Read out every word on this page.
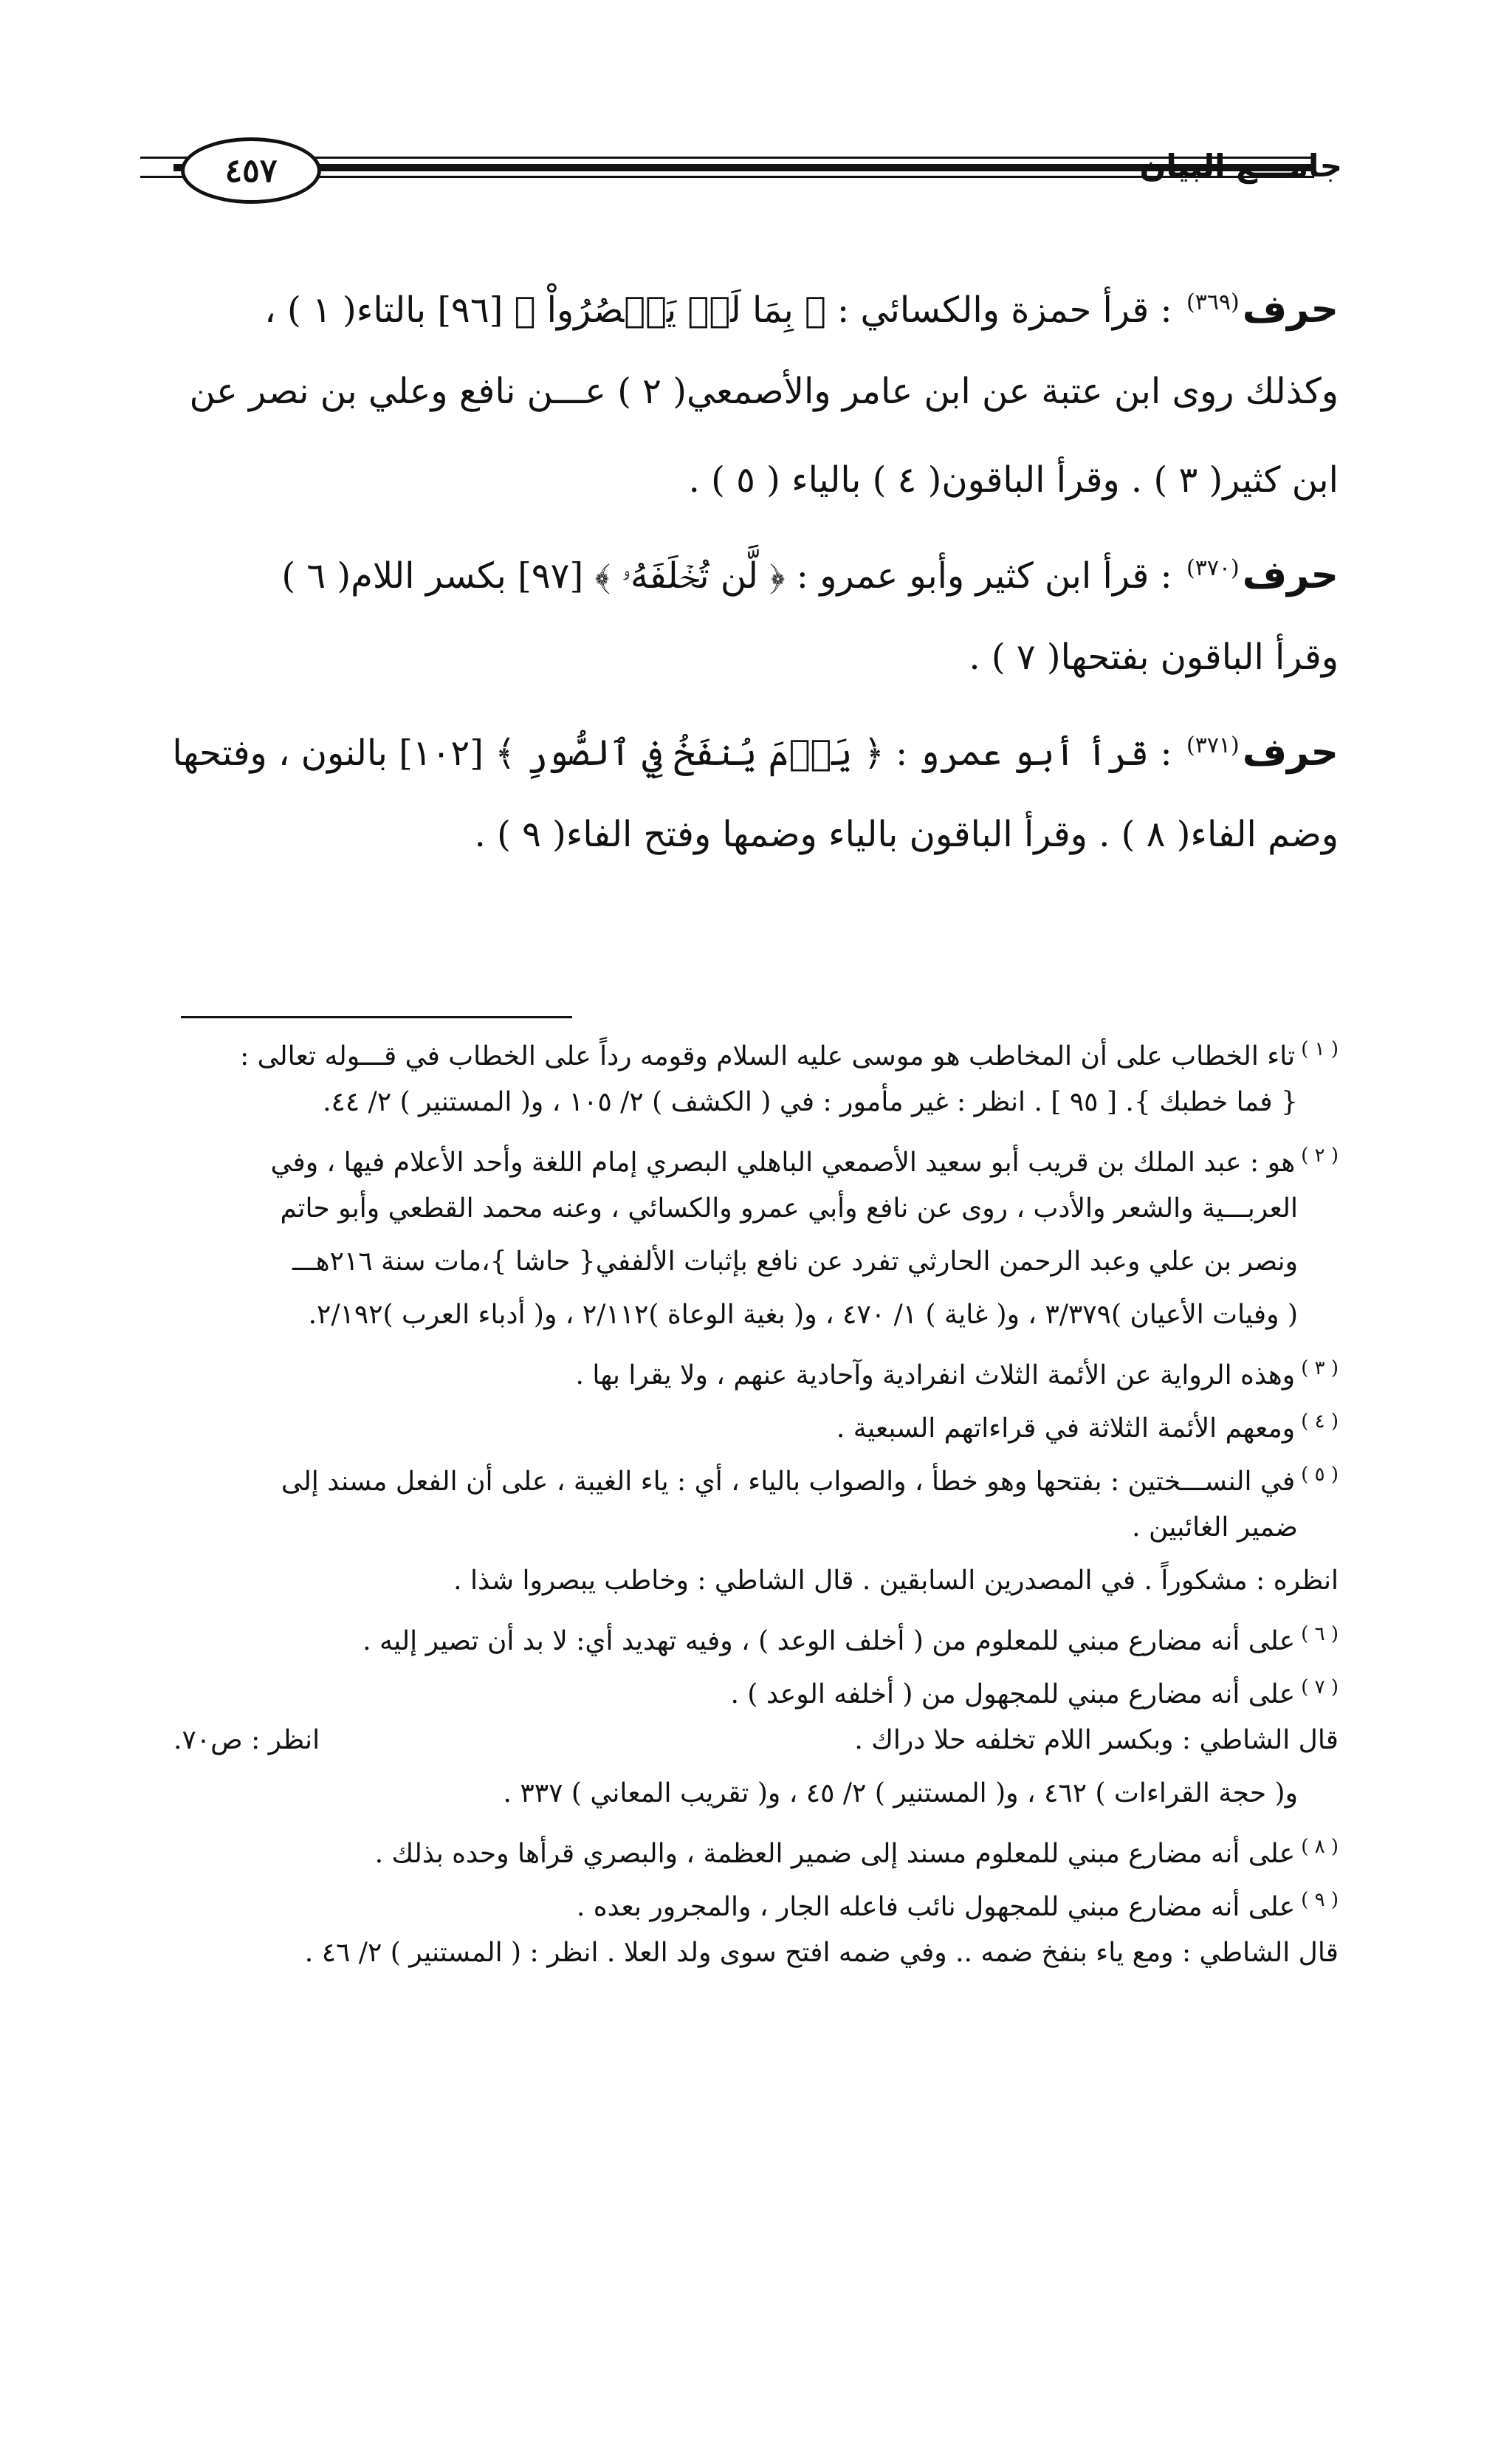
٤٥٧	جامـــع البيان
حرف$^{(٣٦٩)}$ : قرأ حمزة والكسائي : ﴿ بِمَا لَمۡ يَبۡصُرُواْ ﴾ [٩٦] بالتاء( ١ ) ،
وكذلك روى ابن عتبة عن ابن عامر والأصمعي( ٢ ) عـــن نافع وعلي بن نصر عن
ابن كثير( ٣ ) . وقرأ الباقون( ٤ ) بالياء ( ٥ ) .
حرف$^{(٣٧٠)}$ : قرأ ابن كثير وأبو عمرو : ﴿ لَّن تُخۡلَفَهُۥ ﴾ [٩٧] بكسر اللام( ٦ )
وقرأ الباقون بفتحها( ٧ ) .
حرف$^{(٣٧١)}$ : قرأ أبو عمرو : ﴿ يَوۡمَ يُنفَخُ فِي ٱلصُّورِ ﴾ [١٠٢] بالنون ، وفتحها
وضم الفاء( ٨ ) . وقرأ الباقون بالياء وضمها وفتح الفاء( ٩ ) .
$^{( ١ )}$تاء الخطاب على أن المخاطب هو موسى عليه السلام وقومه رداً على الخطاب في قـــوله تعالى :
{ فما خطبك }. [ ٩٥ ] . انظر : غير مأمور : في ( الكشف ) ٢/ ١٠٥ ، و( المستنير ) ٢/ ٤٤.
$^{( ٢ )}$هو : عبد الملك بن قريب أبو سعيد الأصمعي الباهلي البصري إمام اللغة وأحد الأعلام فيها ، وفي
العربـــية والشعر والأدب ، روى عن نافع وأبي عمرو والكسائي ، وعنه محمد القطعي وأبو حاتم
ونصر بن علي وعبد الرحمن الحارثي تفرد عن نافع بإثبات الألففي{ حاشا }،مات سنة ٢١٦هـــ
( وفيات الأعيان )٣/٣٧٩ ، و( غاية ) ١/ ٤٧٠ ، و( بغية الوعاة )٢/١١٢ ، و( أدباء العرب )٢/١٩٢.
$^{( ٣ )}$وهذه الرواية عن الأئمة الثلاث انفرادية وآحادية عنهم ، ولا يقرا بها .
$^{( ٤ )}$ومعهم الأئمة الثلاثة في قراءاتهم السبعية .
$^{( ٥ )}$في النســـختين : بفتحها وهو خطأ ، والصواب بالياء ، أي : ياء الغيبة ، على أن الفعل مسند إلى
ضمير الغائبين .
انظره : مشكوراً . في المصدرين السابقين . قال الشاطي : وخاطب يبصروا شذا .
$^{( ٦ )}$على أنه مضارع مبني للمعلوم من ( أخلف الوعد ) ، وفيه تهديد أي: لا بد أن تصير إليه .
$^{( ٧ )}$على أنه مضارع مبني للمجهول من ( أخلفه الوعد ) .
قال الشاطي : وبكسر اللام تخلفه حلا دراك .
انظر : ص٧٠.
و( حجة القراءات ) ٤٦٢ ، و( المستنير ) ٢/ ٤٥ ، و( تقريب المعاني ) ٣٣٧ .
$^{( ٨ )}$على أنه مضارع مبني للمعلوم مسند إلى ضمير العظمة ، والبصري قرأها وحده بذلك .
$^{( ٩ )}$على أنه مضارع مبني للمجهول نائب فاعله الجار ، والمجرور بعده .
قال الشاطي : ومع ياء بنفخ ضمه .. وفي ضمه افتح سوى ولد العلا . انظر : ( المستنير ) ٢/ ٤٦ .
